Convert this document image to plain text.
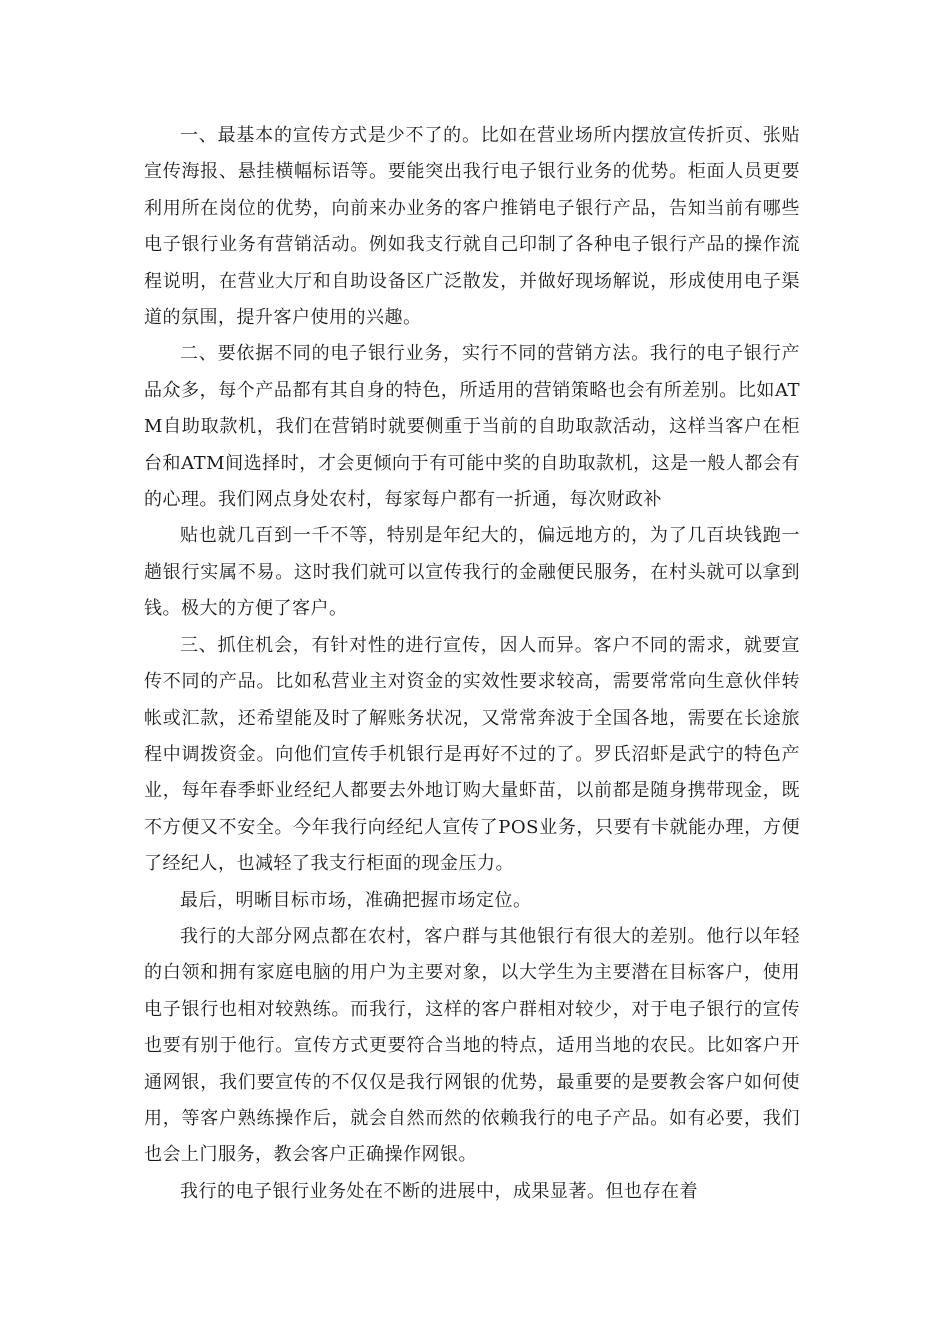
一、最基本的宣传方式是少不了的。比如在营业场所内摆放宣传折页、张贴宣传海报、悬挂横幅标语等。要能突出我行电子银行业务的优势。柜面人员更要利用所在岗位的优势，向前来办业务的客户推销电子银行产品，告知当前有哪些电子银行业务有营销活动。例如我支行就自己印制了各种电子银行产品的操作流程说明，在营业大厅和自助设备区广泛散发，并做好现场解说，形成使用电子渠道的氛围，提升客户使用的兴趣。

二、要依据不同的电子银行业务，实行不同的营销方法。我行的电子银行产品众多，每个产品都有其自身的特色，所适用的营销策略也会有所差别。比如ATM自助取款机，我们在营销时就要侧重于当前的自助取款活动，这样当客户在柜台和ATM间选择时，才会更倾向于有可能中奖的自助取款机，这是一般人都会有的心理。我们网点身处农村，每家每户都有一折通，每次财政补

贴也就几百到一千不等，特别是年纪大的，偏远地方的，为了几百块钱跑一趟银行实属不易。这时我们就可以宣传我行的金融便民服务，在村头就可以拿到钱。极大的方便了客户。

三、抓住机会，有针对性的进行宣传，因人而异。客户不同的需求，就要宣传不同的产品。比如私营业主对资金的实效性要求较高，需要常常向生意伙伴转帐或汇款，还希望能及时了解账务状况，又常常奔波于全国各地，需要在长途旅程中调拨资金。向他们宣传手机银行是再好不过的了。罗氏沼虾是武宁的特色产业，每年春季虾业经纪人都要去外地订购大量虾苗，以前都是随身携带现金，既不方便又不安全。今年我行向经纪人宣传了POS业务，只要有卡就能办理，方便了经纪人，也减轻了我支行柜面的现金压力。

最后，明晰目标市场，准确把握市场定位。

我行的大部分网点都在农村，客户群与其他银行有很大的差别。他行以年轻的白领和拥有家庭电脑的用户为主要对象，以大学生为主要潜在目标客户，使用电子银行也相对较熟练。而我行，这样的客户群相对较少，对于电子银行的宣传也要有别于他行。宣传方式更要符合当地的特点，适用当地的农民。比如客户开通网银，我们要宣传的不仅仅是我行网银的优势，最重要的是要教会客户如何使用，等客户熟练操作后，就会自然而然的依赖我行的电子产品。如有必要，我们也会上门服务，教会客户正确操作网银。

我行的电子银行业务处在不断的进展中，成果显著。但也存在着
